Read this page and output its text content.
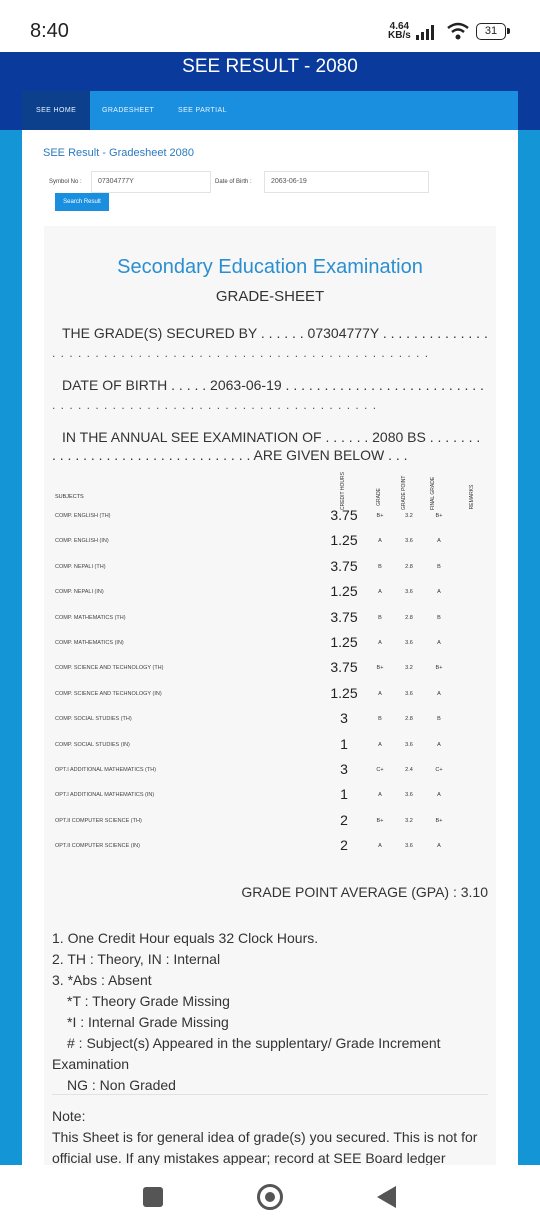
8:40	4.64
KB/s	31
SEE RESULT - 2080
SEE HOME	GRADESHEET	SEE PARTIAL
SEE Result - Gradesheet 2080
Symbol No :	07304777Y	Date of Birth :	2063-06-19
Search Result
Secondary Education Examination
GRADE-SHEET
THE GRADE(S) SECURED BY . . . . . . 07304777Y . . . . . . . . . . . . . .
. . . . . . . . . . . . . . . . . . . . . . . . . . . . . . . . . . . . . . . . . . . .
DATE OF BIRTH . . . . . 2063-06-19 . . . . . . . . . . . . . . . . . . . . . . . . . .
. . . . . . . . . . . . . . . . . . . . . . . . . . . . . . . . . . . . . .
IN THE ANNUAL SEE EXAMINATION OF . . . . . . 2080 BS . . . . . . .
. . . . . . . . . . . . . . . . . . . . . . . . . . ARE GIVEN BELOW . . .
SUBJECTS	CREDIT HOURS	GRADE	GRADE POINT	FINAL GRADE	REMARKS
COMP. ENGLISH (TH)	3.75	B+	3.2	B+
COMP. ENGLISH (IN)	1.25	A	3.6	A
COMP. NEPALI (TH)	3.75	B	2.8	B
COMP. NEPALI (IN)	1.25	A	3.6	A
COMP. MATHEMATICS (TH)	3.75	B	2.8	B
COMP. MATHEMATICS (IN)	1.25	A	3.6	A
COMP. SCIENCE AND TECHNOLOGY (TH)	3.75	B+	3.2	B+
COMP. SCIENCE AND TECHNOLOGY (IN)	1.25	A	3.6	A
COMP. SOCIAL STUDIES (TH)	3	B	2.8	B
COMP. SOCIAL STUDIES (IN)	1	A	3.6	A
OPT.I ADDITIONAL MATHEMATICS (TH)	3	C+	2.4	C+
OPT.I ADDITIONAL MATHEMATICS (IN)	1	A	3.6	A
OPT.II COMPUTER SCIENCE (TH)	2	B+	3.2	B+
OPT.II COMPUTER SCIENCE (IN)	2	A	3.6	A
GRADE POINT AVERAGE (GPA) : 3.10
1. One Credit Hour equals 32 Clock Hours.
2. TH : Theory, IN : Internal
3. *Abs : Absent
*T : Theory Grade Missing
*I : Internal Grade Missing
# : Subject(s) Appeared in the supplentary/ Grade Increment
Examination
NG : Non Graded
Note:
This Sheet is for general idea of grade(s) you secured. This is not for official use. If any mistakes appear; record at SEE Board ledger
